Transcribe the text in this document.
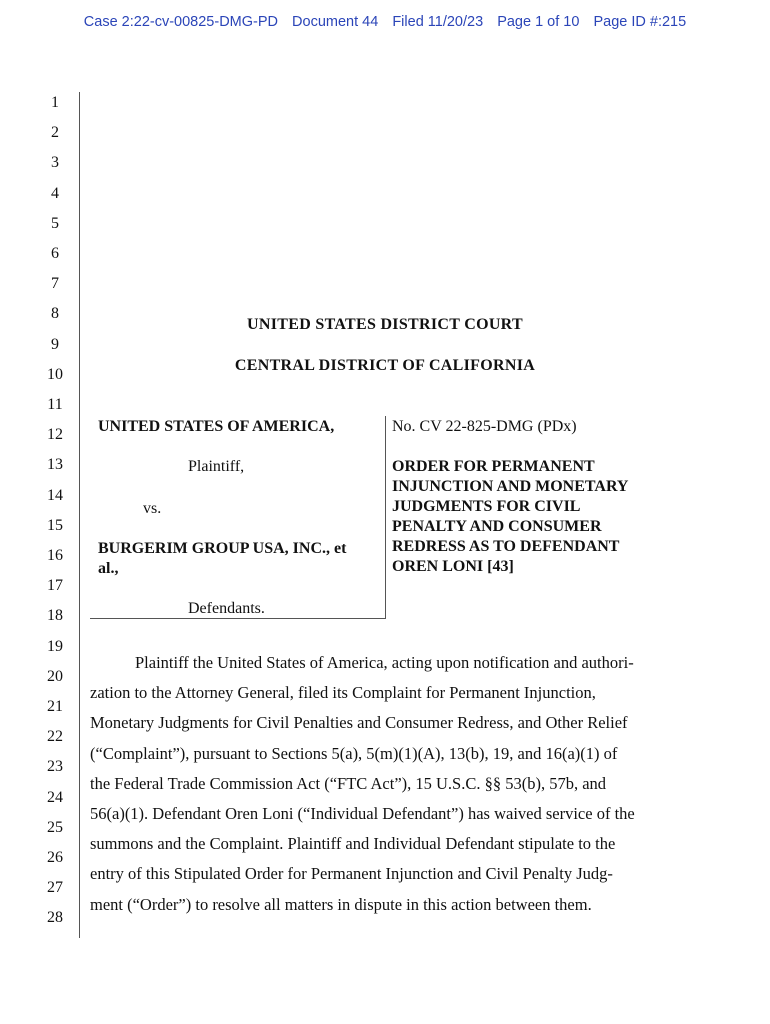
Case 2:22-cv-00825-DMG-PD Document 44 Filed 11/20/23 Page 1 of 10 Page ID #:215
1
2
3
4
5
6
7
8
9
10
11
12
13
14
15
16
17
18
19
20
21
22
23
24
25
26
27
28
UNITED STATES DISTRICT COURT
CENTRAL DISTRICT OF CALIFORNIA
UNITED STATES OF AMERICA,
Plaintiff,
vs.
BURGERIM GROUP USA, INC., et
al.,
Defendants.
No. CV 22-825-DMG (PDx)
ORDER FOR PERMANENT
INJUNCTION AND MONETARY
JUDGMENTS FOR CIVIL
PENALTY AND CONSUMER
REDRESS AS TO DEFENDANT
OREN LONI [43]
Plaintiff the United States of America, acting upon notification and authori-
zation to the Attorney General, filed its Complaint for Permanent Injunction,
Monetary Judgments for Civil Penalties and Consumer Redress, and Other Relief
(“Complaint”), pursuant to Sections 5(a), 5(m)(1)(A), 13(b), 19, and 16(a)(1) of
the Federal Trade Commission Act (“FTC Act”), 15 U.S.C. §§ 53(b), 57b, and
56(a)(1). Defendant Oren Loni (“Individual Defendant”) has waived service of the
summons and the Complaint. Plaintiff and Individual Defendant stipulate to the
entry of this Stipulated Order for Permanent Injunction and Civil Penalty Judg-
ment (“Order”) to resolve all matters in dispute in this action between them.
